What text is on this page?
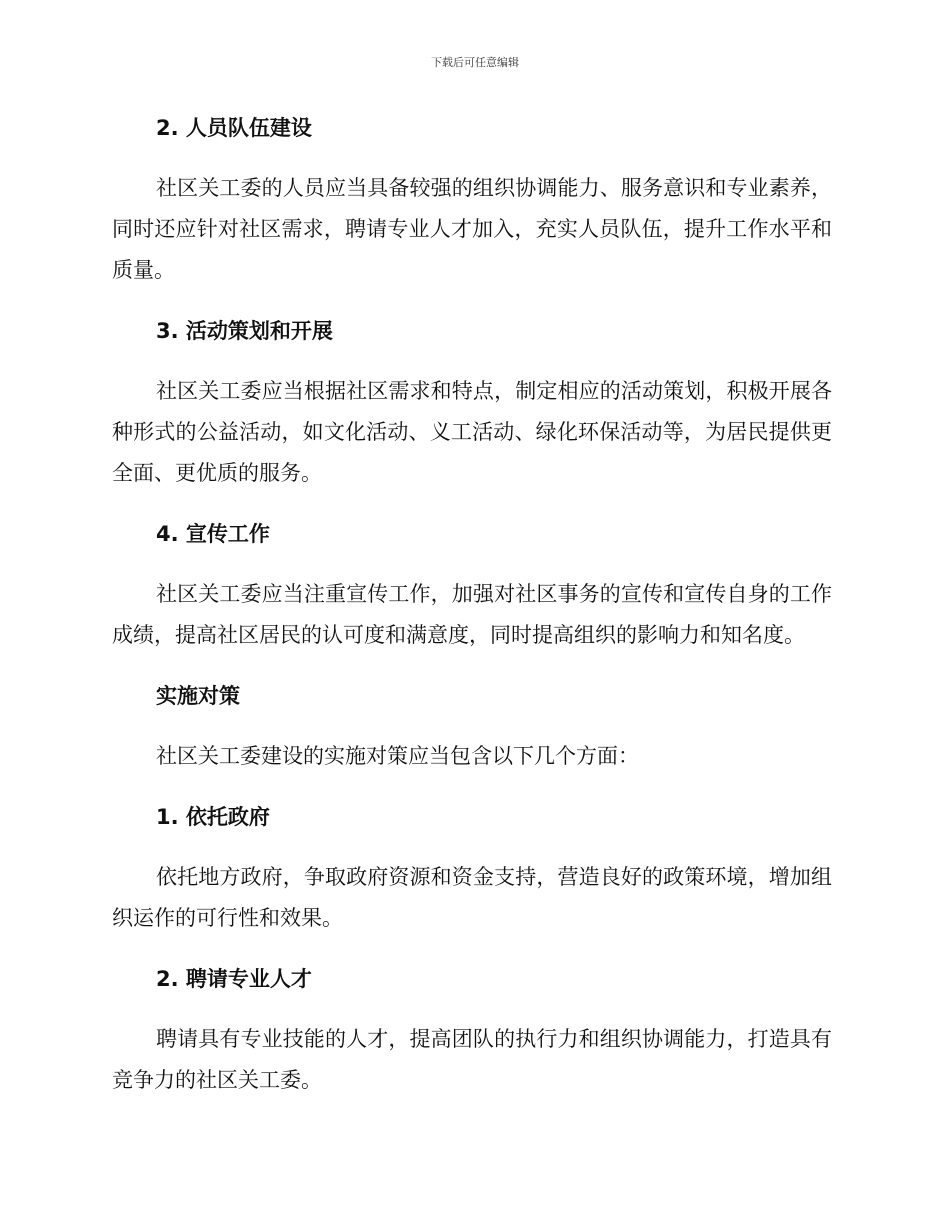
下载后可任意编辑
2. 人员队伍建设
社区关工委的人员应当具备较强的组织协调能力、服务意识和专业素养，同时还应针对社区需求，聘请专业人才加入，充实人员队伍，提升工作水平和质量。
3. 活动策划和开展
社区关工委应当根据社区需求和特点，制定相应的活动策划，积极开展各种形式的公益活动，如文化活动、义工活动、绿化环保活动等，为居民提供更全面、更优质的服务。
4. 宣传工作
社区关工委应当注重宣传工作，加强对社区事务的宣传和宣传自身的工作成绩，提高社区居民的认可度和满意度，同时提高组织的影响力和知名度。
实施对策
社区关工委建设的实施对策应当包含以下几个方面：
1. 依托政府
依托地方政府，争取政府资源和资金支持，营造良好的政策环境，增加组织运作的可行性和效果。
2. 聘请专业人才
聘请具有专业技能的人才，提高团队的执行力和组织协调能力，打造具有竞争力的社区关工委。
